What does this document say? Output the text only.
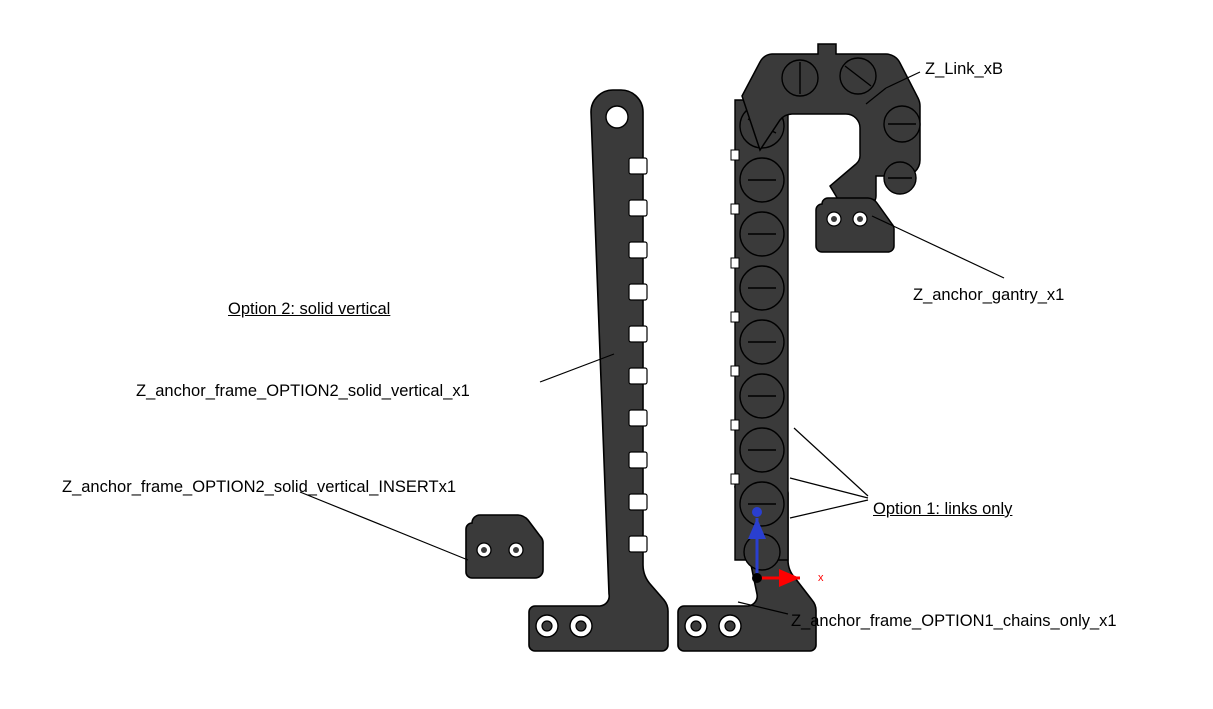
Option 2: solid vertical
Z_anchor_frame_OPTION2_solid_vertical_x1
Z_anchor_frame_OPTION2_solid_vertical_INSERTx1
Z_Link_xB
Z_anchor_gantry_x1
Option 1: links only
Z_anchor_frame_OPTION1_chains_only_x1
x
